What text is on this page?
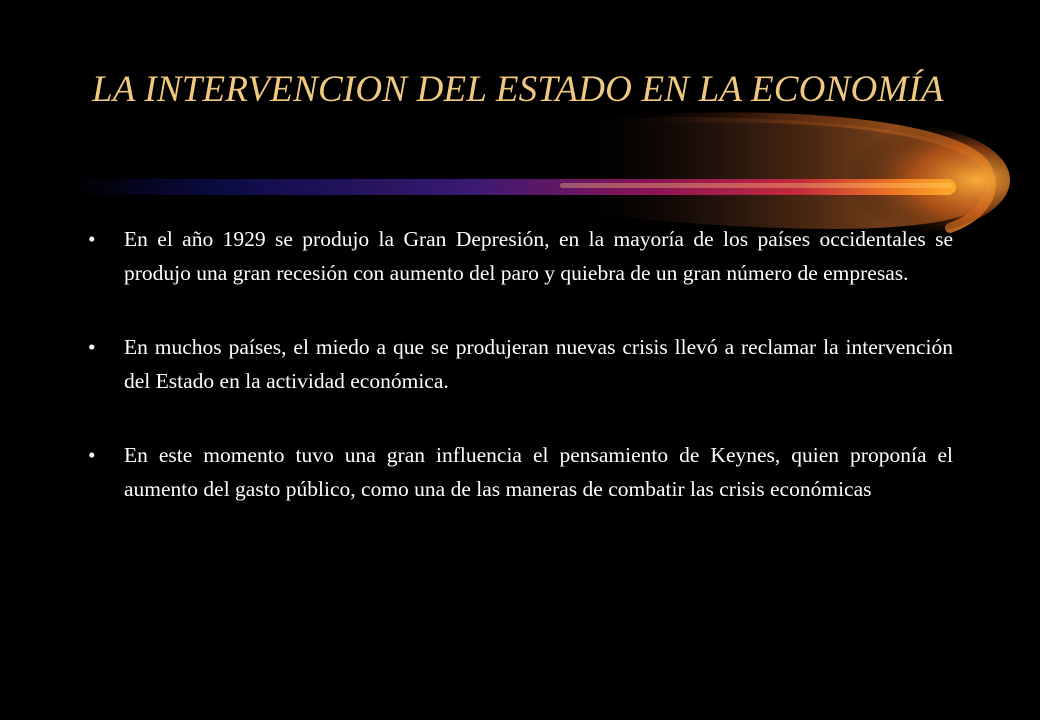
LA INTERVENCION DEL ESTADO EN LA ECONOMÍA
•	En el año 1929 se produjo la Gran Depresión, en la mayoría de los países occidentales se produjo una gran recesión con aumento del paro y quiebra de un gran número de empresas.
•	En muchos países, el miedo a que se produjeran nuevas crisis llevó a reclamar la intervención del Estado en la actividad económica.
•	En este momento tuvo una gran influencia el pensamiento de Keynes, quien proponía el aumento del gasto público, como una de las maneras de combatir las crisis económicas
